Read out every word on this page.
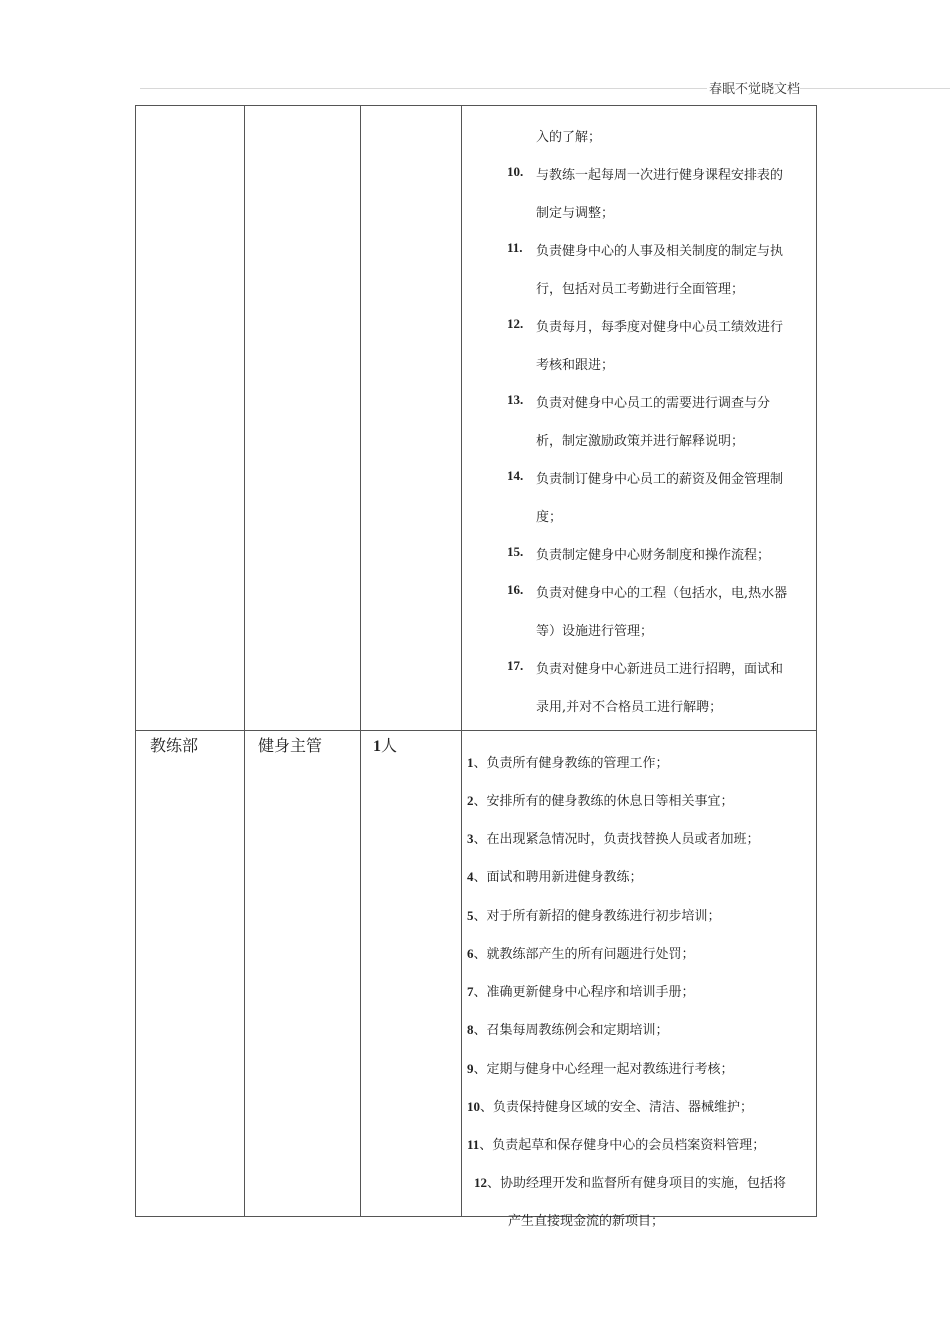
春眠不觉晓文档
入的了解；
10. 与教练一起每周一次进行健身课程安排表的
制定与调整；
11. 负责健身中心的人事及相关制度的制定与执
行，包括对员工考勤进行全面管理；
12. 负责每月，每季度对健身中心员工绩效进行
考核和跟进；
13. 负责对健身中心员工的需要进行调查与分
析，制定激励政策并进行解释说明；
14. 负责制订健身中心员工的薪资及佣金管理制
度；
15. 负责制定健身中心财务制度和操作流程；
16. 负责对健身中心的工程（包括水，电,热水器
等）设施进行管理；
17. 负责对健身中心新进员工进行招聘，面试和
录用,并对不合格员工进行解聘；
教练部	健身主管	1人
1、负责所有健身教练的管理工作；
2、安排所有的健身教练的休息日等相关事宜；
3、在出现紧急情况时，负责找替换人员或者加班；
4、面试和聘用新进健身教练；
5、对于所有新招的健身教练进行初步培训；
6、就教练部产生的所有问题进行处罚；
7、准确更新健身中心程序和培训手册；
8、召集每周教练例会和定期培训；
9、定期与健身中心经理一起对教练进行考核；
10、负责保持健身区域的安全、清洁、器械维护；
11、负责起草和保存健身中心的会员档案资料管理；
12、协助经理开发和监督所有健身项目的实施，包括将
产生直接现金流的新项目；
